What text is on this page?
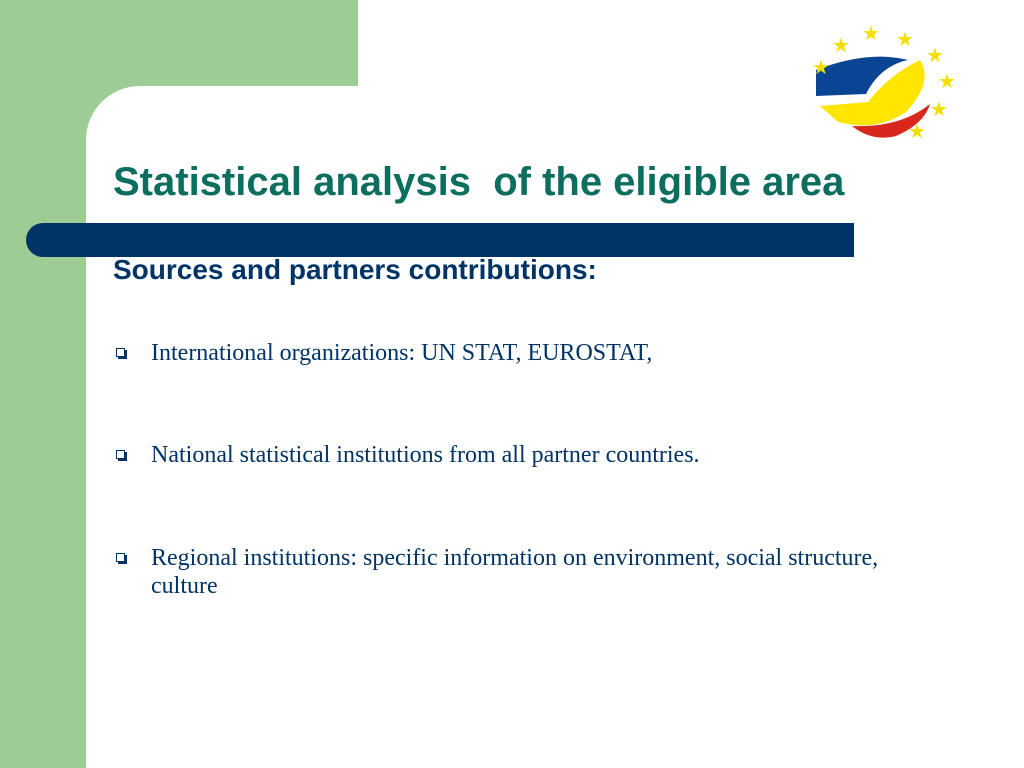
★ ★ ★
★
★
★
★
★
Statistical analysis  of the eligible area
Sources and partners contributions:
International organizations: UN STAT, EUROSTAT,
National statistical institutions from all partner countries.
Regional institutions: specific information on environment, social structure, culture
